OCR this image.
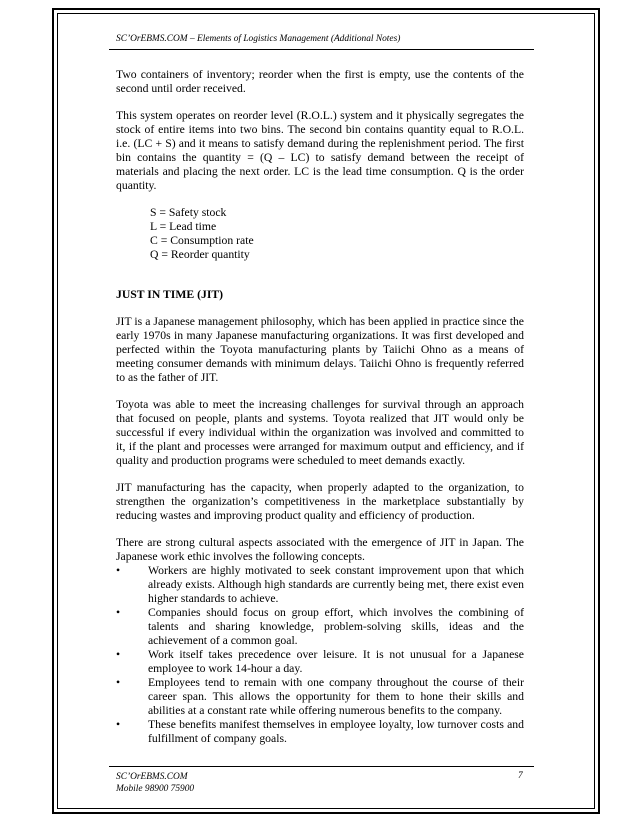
SC’OrEBMS.COM – Elements of Logistics Management (Additional Notes)

Two containers of inventory; reorder when the first is empty, use the contents of the second until order received.

This system operates on reorder level (R.O.L.) system and it physically segregates the stock of entire items into two bins. The second bin contains quantity equal to R.O.L. i.e. (LC + S) and it means to satisfy demand during the replenishment period. The first bin contains the quantity = (Q – LC) to satisfy demand between the receipt of materials and placing the next order. LC is the lead time consumption. Q is the order quantity.

S = Safety stock
L = Lead time
C = Consumption rate
Q = Reorder quantity

JUST IN TIME (JIT)

JIT is a Japanese management philosophy, which has been applied in practice since the early 1970s in many Japanese manufacturing organizations. It was first developed and perfected within the Toyota manufacturing plants by Taiichi Ohno as a means of meeting consumer demands with minimum delays. Taiichi Ohno is frequently referred to as the father of JIT.

Toyota was able to meet the increasing challenges for survival through an approach that focused on people, plants and systems. Toyota realized that JIT would only be successful if every individual within the organization was involved and committed to it, if the plant and processes were arranged for maximum output and efficiency, and if quality and production programs were scheduled to meet demands exactly.

JIT manufacturing has the capacity, when properly adapted to the organization, to strengthen the organization’s competitiveness in the marketplace substantially by reducing wastes and improving product quality and efficiency of production.

There are strong cultural aspects associated with the emergence of JIT in Japan. The Japanese work ethic involves the following concepts.

• Workers are highly motivated to seek constant improvement upon that which already exists. Although high standards are currently being met, there exist even higher standards to achieve.
• Companies should focus on group effort, which involves the combining of talents and sharing knowledge, problem-solving skills, ideas and the achievement of a common goal.
• Work itself takes precedence over leisure. It is not unusual for a Japanese employee to work 14-hour a day.
• Employees tend to remain with one company throughout the course of their career span. This allows the opportunity for them to hone their skills and abilities at a constant rate while offering numerous benefits to the company.
• These benefits manifest themselves in employee loyalty, low turnover costs and fulfillment of company goals.
SC’OrEBMS.COM
Mobile 98900 75900
7
